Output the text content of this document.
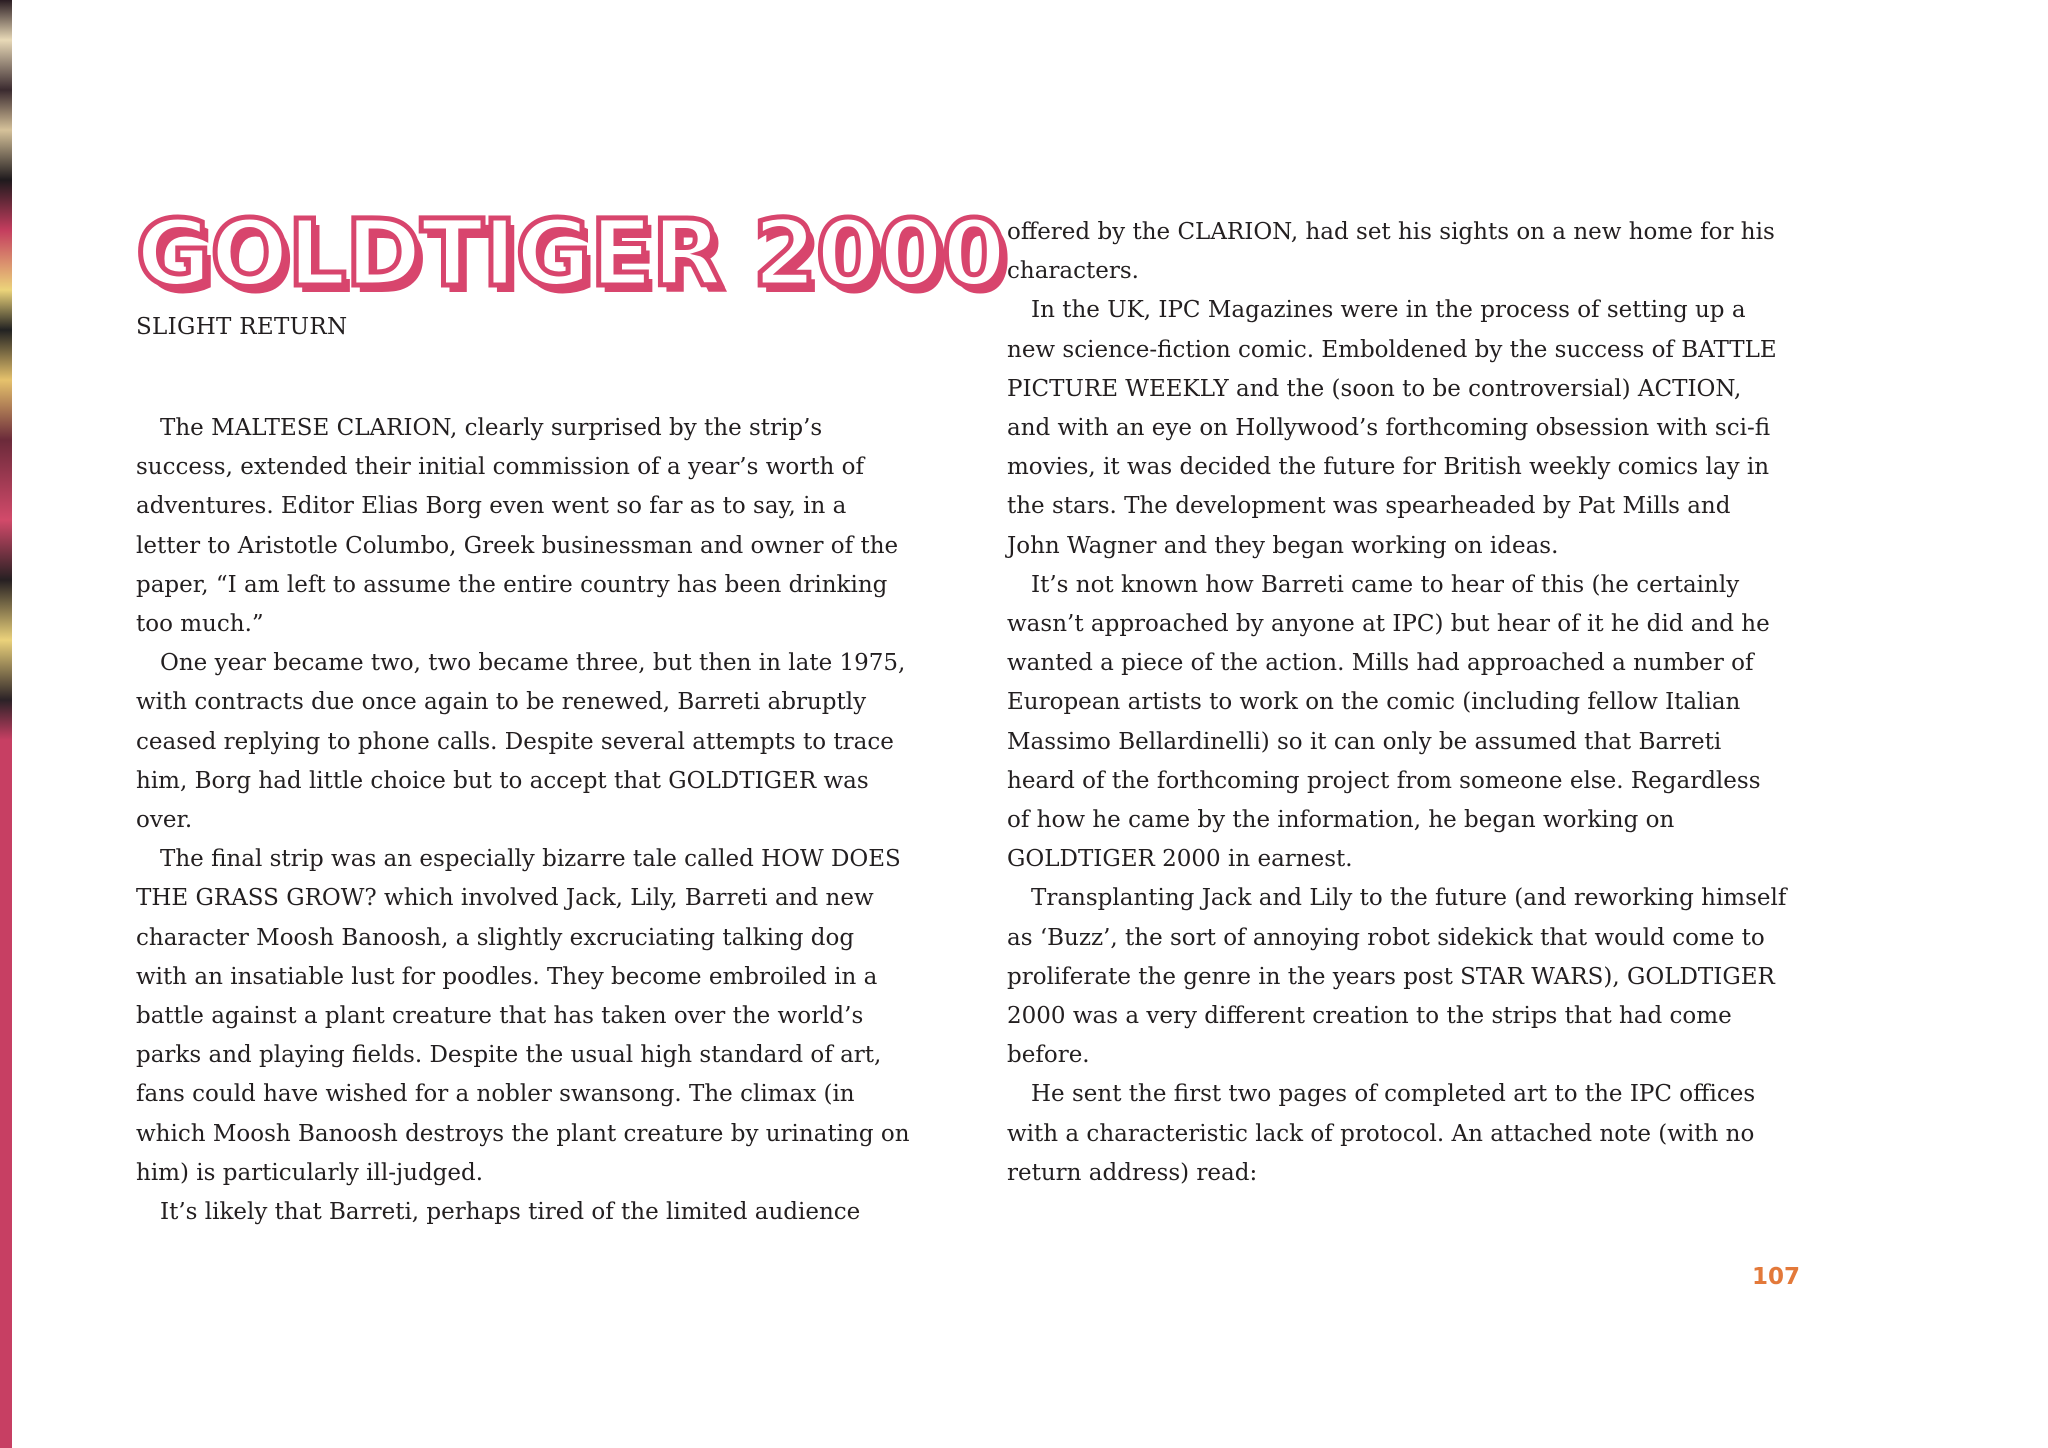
GOLDTIGER 2000
SLIGHT RETURN

The MALTESE CLARION, clearly surprised by the strip’s success, extended their initial commission of a year’s worth of adventures. Editor Elias Borg even went so far as to say, in a letter to Aristotle Columbo, Greek businessman and owner of the paper, “I am left to assume the entire country has been drinking too much.”

One year became two, two became three, but then in late 1975, with contracts due once again to be renewed, Barreti abruptly ceased replying to phone calls. Despite several attempts to trace him, Borg had little choice but to accept that GOLDTIGER was over.

The final strip was an especially bizarre tale called HOW DOES THE GRASS GROW? which involved Jack, Lily, Barreti and new character Moosh Banoosh, a slightly excruciating talking dog with an insatiable lust for poodles. They become embroiled in a battle against a plant creature that has taken over the world’s parks and playing fields. Despite the usual high standard of art, fans could have wished for a nobler swansong. The climax (in which Moosh Banoosh destroys the plant creature by urinating on him) is particularly ill-judged.

It’s likely that Barreti, perhaps tired of the limited audience

offered by the CLARION, had set his sights on a new home for his characters.

In the UK, IPC Magazines were in the process of setting up a new science-fiction comic. Emboldened by the success of BATTLE PICTURE WEEKLY and the (soon to be controversial) ACTION, and with an eye on Hollywood’s forthcoming obsession with sci-fi movies, it was decided the future for British weekly comics lay in the stars. The development was spearheaded by Pat Mills and John Wagner and they began working on ideas.

It’s not known how Barreti came to hear of this (he certainly wasn’t approached by anyone at IPC) but hear of it he did and he wanted a piece of the action. Mills had approached a number of European artists to work on the comic (including fellow Italian Massimo Bellardinelli) so it can only be assumed that Barreti heard of the forthcoming project from someone else. Regardless of how he came by the information, he began working on GOLDTIGER 2000 in earnest.

Transplanting Jack and Lily to the future (and reworking himself as ‘Buzz’, the sort of annoying robot sidekick that would come to proliferate the genre in the years post STAR WARS), GOLDTIGER 2000 was a very different creation to the strips that had come before.

He sent the first two pages of completed art to the IPC offices with a characteristic lack of protocol. An attached note (with no return address) read:

107
